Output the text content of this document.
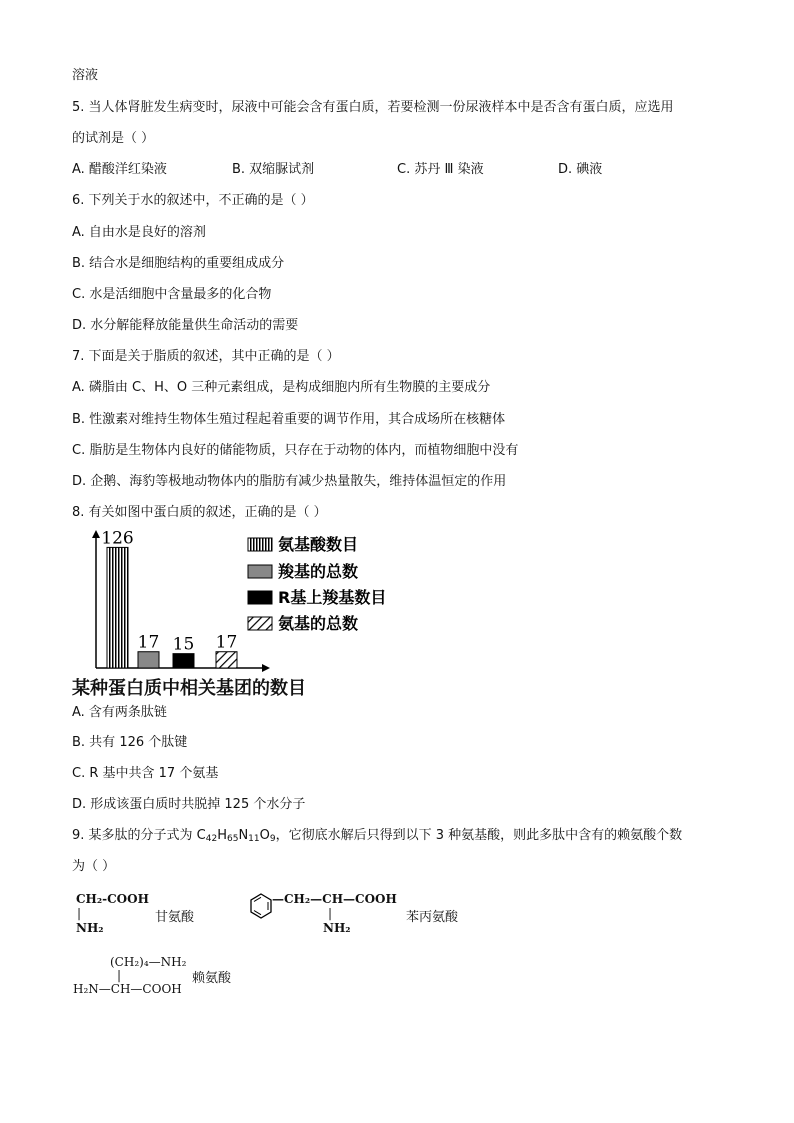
溶液
5. 当人体肾脏发生病变时，尿液中可能会含有蛋白质，若要检测一份尿液样本中是否含有蛋白质，应选用
的试剂是（ ）
A. 醋酸洋红染液	B. 双缩脲试剂	C. 苏丹 Ⅲ 染液	D. 碘液
6. 下列关于水的叙述中，不正确的是（ ）
A. 自由水是良好的溶剂
B. 结合水是细胞结构的重要组成成分
C. 水是活细胞中含量最多的化合物
D. 水分解能释放能量供生命活动的需要
7. 下面是关于脂质的叙述，其中正确的是（ ）
A. 磷脂由 C、H、O 三种元素组成，是构成细胞内所有生物膜的主要成分
B. 性激素对维持生物体生殖过程起着重要的调节作用，其合成场所在核糖体
C. 脂肪是生物体内良好的储能物质，只存在于动物的体内，而植物细胞中没有
D. 企鹅、海豹等极地动物体内的脂肪有减少热量散失，维持体温恒定的作用
8. 有关如图中蛋白质的叙述，正确的是（ ）
126
17 15 17
氨基酸数目
羧基的总数
R基上羧基数目
氨基的总数
某种蛋白质中相关基团的数目
A. 含有两条肽链
B. 共有 126 个肽键
C. R 基中共含 17 个氨基
D. 形成该蛋白质时共脱掉 125 个水分子
9. 某多肽的分子式为 $C_{42}H_{65}N_{11}O_9$，它彻底水解后只得到以下 3 种氨基酸，则此多肽中含有的赖氨酸个数
为（ ）
CH₂-COOH
|
NH₂
甘氨酸
—CH₂—CH—COOH
|
NH₂
苯丙氨酸
(CH₂)₄—NH₂
|
H₂N—CH—COOH
赖氨酸
